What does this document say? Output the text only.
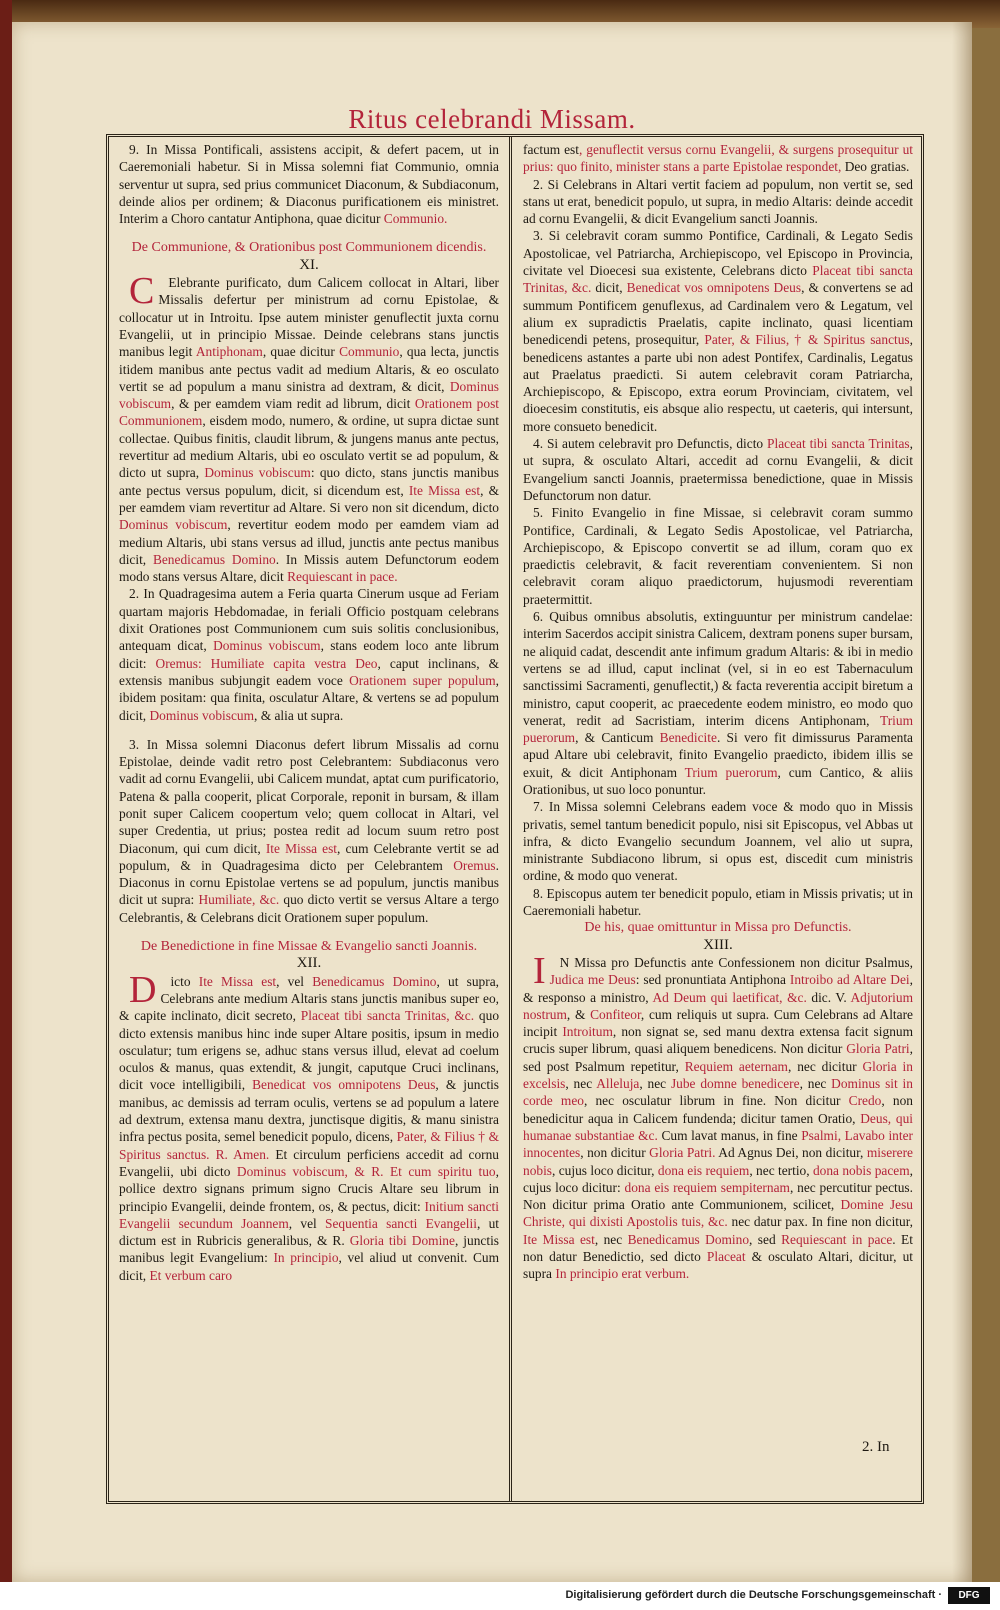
Ritus celebrandi Missam.

9. In Missa Pontificali, assistens accipit, & defert pacem, ut in Caeremoniali habetur. Si in Missa solemni fiat Communio, omnia serventur ut supra, sed prius communicet Diaconum, & Subdiaconum, deinde alios per ordinem; & Diaconus purificationem eis ministret. Interim a Choro cantatur Antiphona, quae dicitur Communio.

De Communione, & Orationibus post Communionem dicendis.

XI.

C Elebrante purificato, dum Calicem collocat in Altari, liber Missalis defertur per ministrum ad cornu Epistolae, & collocatur ut in Introitu. Ipse autem minister genuflectit juxta cornu Evangelii, ut in principio Missae. Deinde celebrans stans junctis manibus legit Antiphonam, quae dicitur Communio, qua lecta, junctis itidem manibus ante pectus vadit ad medium Altaris, & eo osculato vertit se ad populum a manu sinistra ad dextram, & dicit, Dominus vobiscum, & per eamdem viam redit ad librum, dicit Orationem post Communionem, eisdem modo, numero, & ordine, ut supra dictae sunt collectae. Quibus finitis, claudit librum, & jungens manus ante pectus, revertitur ad medium Altaris, ubi eo osculato vertit se ad populum, & dicto ut supra, Dominus vobiscum: quo dicto, stans junctis manibus ante pectus versus populum, dicit, si dicendum est, Ite Missa est, & per eamdem viam revertitur ad Altare. Si vero non sit dicendum, dicto Dominus vobiscum, revertitur eodem modo per eamdem viam ad medium Altaris, ubi stans versus ad illud, junctis ante pectus manibus dicit, Benedicamus Domino. In Missis autem Defunctorum eodem modo stans versus Altare, dicit Requiescant in pace.

2. In Quadragesima autem a Feria quarta Cinerum usque ad Feriam quartam majoris Hebdomadae, in feriali Officio postquam celebrans dixit Orationes post Communionem cum suis solitis conclusionibus, antequam dicat, Dominus vobiscum, stans eodem loco ante librum dicit: Oremus: Humiliate capita vestra Deo, caput inclinans, & extensis manibus subjungit eadem voce Orationem super populum, ibidem positam: qua finita, osculatur Altare, & vertens se ad populum dicit, Dominus vobiscum, & alia ut supra.

3. In Missa solemni Diaconus defert librum Missalis ad cornu Epistolae, deinde vadit retro post Celebrantem: Subdiaconus vero vadit ad cornu Evangelii, ubi Calicem mundat, aptat cum purificatorio, Patena & palla cooperit, plicat Corporale, reponit in bursam, & illam ponit super Calicem coopertum velo; quem collocat in Altari, vel super Credentia, ut prius; postea redit ad locum suum retro post Diaconum, qui cum dicit, Ite Missa est, cum Celebrante vertit se ad populum, & in Quadragesima dicto per Celebrantem Oremus. Diaconus in cornu Epistolae vertens se ad populum, junctis manibus dicit ut supra: Humiliate, &c. quo dicto vertit se versus Altare a tergo Celebrantis, & Celebrans dicit Orationem super populum.

De Benedictione in fine Missae & Evangelio sancti Joannis.

XII.

D icto Ite Missa est, vel Benedicamus Domino, ut supra, Celebrans ante medium Altaris stans junctis manibus super eo, & capite inclinato, dicit secreto, Placeat tibi sancta Trinitas, &c. quo dicto extensis manibus hinc inde super Altare positis, ipsum in medio osculatur; tum erigens se, adhuc stans versus illud, elevat ad coelum oculos & manus, quas extendit, & jungit, caputque Cruci inclinans, dicit voce intelligibili, Benedicat vos omnipotens Deus, & junctis manibus, ac demissis ad terram oculis, vertens se ad populum a latere ad dextrum, extensa manu dextra, junctisque digitis, & manu sinistra infra pectus posita, semel benedicit populo, dicens, Pater, & Filius † & Spiritus sanctus. R. Amen. Et circulum perficiens accedit ad cornu Evangelii, ubi dicto Dominus vobiscum, & R. Et cum spiritu tuo, pollice dextro signans primum signo Crucis Altare seu librum in principio Evangelii, deinde frontem, os, & pectus, dicit: Initium sancti Evangelii secundum Joannem, vel Sequentia sancti Evangelii, ut dictum est in Rubricis generalibus, & R. Gloria tibi Domine, junctis manibus legit Evangelium: In principio, vel aliud ut convenit. Cum dicit, Et verbum caro

factum est, genuflectit versus cornu Evangelii, & surgens prosequitur ut prius: quo finito, minister stans a parte Epistolae respondet, Deo gratias.

2. Si Celebrans in Altari vertit faciem ad populum, non vertit se, sed stans ut erat, benedicit populo, ut supra, in medio Altaris: deinde accedit ad cornu Evangelii, & dicit Evangelium sancti Joannis.

3. Si celebravit coram summo Pontifice, Cardinali, & Legato Sedis Apostolicae, vel Patriarcha, Archiepiscopo, vel Episcopo in Provincia, civitate vel Dioecesi sua existente, Celebrans dicto Placeat tibi sancta Trinitas, &c. dicit, Benedicat vos omnipotens Deus, & convertens se ad summum Pontificem genuflexus, ad Cardinalem vero & Legatum, vel alium ex supradictis Praelatis, capite inclinato, quasi licentiam benedicendi petens, prosequitur, Pater, & Filius, † & Spiritus sanctus, benedicens astantes a parte ubi non adest Pontifex, Cardinalis, Legatus aut Praelatus praedicti. Si autem celebravit coram Patriarcha, Archiepiscopo, & Episcopo, extra eorum Provinciam, civitatem, vel dioecesim constitutis, eis absque alio respectu, ut caeteris, qui intersunt, more consueto benedicit.

4. Si autem celebravit pro Defunctis, dicto Placeat tibi sancta Trinitas, ut supra, & osculato Altari, accedit ad cornu Evangelii, & dicit Evangelium sancti Joannis, praetermissa benedictione, quae in Missis Defunctorum non datur.

5. Finito Evangelio in fine Missae, si celebravit coram summo Pontifice, Cardinali, & Legato Sedis Apostolicae, vel Patriarcha, Archiepiscopo, & Episcopo convertit se ad illum, coram quo ex praedictis celebravit, & facit reverentiam convenientem. Si non celebravit coram aliquo praedictorum, hujusmodi reverentiam praetermittit.

6. Quibus omnibus absolutis, extinguuntur per ministrum candelae: interim Sacerdos accipit sinistra Calicem, dextram ponens super bursam, ne aliquid cadat, descendit ante infimum gradum Altaris: & ibi in medio vertens se ad illud, caput inclinat (vel, si in eo est Tabernaculum sanctissimi Sacramenti, genuflectit,) & facta reverentia accipit biretum a ministro, caput cooperit, ac praecedente eodem ministro, eo modo quo venerat, redit ad Sacristiam, interim dicens Antiphonam, Trium puerorum, & Canticum Benedicite. Si vero fit dimissurus Paramenta apud Altare ubi celebravit, finito Evangelio praedicto, ibidem illis se exuit, & dicit Antiphonam Trium puerorum, cum Cantico, & aliis Orationibus, ut suo loco ponuntur.

7. In Missa solemni Celebrans eadem voce & modo quo in Missis privatis, semel tantum benedicit populo, nisi sit Episcopus, vel Abbas ut infra, & dicto Evangelio secundum Joannem, vel alio ut supra, ministrante Subdiacono librum, si opus est, discedit cum ministris ordine, & modo quo venerat.

8. Episcopus autem ter benedicit populo, etiam in Missis privatis; ut in Caeremoniali habetur.

De his, quae omittuntur in Missa pro Defunctis.

XIII.

I N Missa pro Defunctis ante Confessionem non dicitur Psalmus, Judica me Deus: sed pronuntiata Antiphona Introibo ad Altare Dei, & responso a ministro, Ad Deum qui laetificat, &c. dic. V. Adjutorium nostrum, & Confiteor, cum reliquis ut supra. Cum Celebrans ad Altare incipit Introitum, non signat se, sed manu dextra extensa facit signum crucis super librum, quasi aliquem benedicens. Non dicitur Gloria Patri, sed post Psalmum repetitur, Requiem aeternam, nec dicitur Gloria in excelsis, nec Alleluja, nec Jube domne benedicere, nec Dominus sit in corde meo, nec osculatur librum in fine. Non dicitur Credo, non benedicitur aqua in Calicem fundenda; dicitur tamen Oratio, Deus, qui humanae substantiae &c. Cum lavat manus, in fine Psalmi, Lavabo inter innocentes, non dicitur Gloria Patri. Ad Agnus Dei, non dicitur, miserere nobis, cujus loco dicitur, dona eis requiem, nec tertio, dona nobis pacem, cujus loco dicitur: dona eis requiem sempiternam, nec percutitur pectus. Non dicitur prima Oratio ante Communionem, scilicet, Domine Jesu Christe, qui dixisti Apostolis tuis, &c. nec datur pax. In fine non dicitur, Ite Missa est, nec Benedicamus Domino, sed Requiescant in pace. Et non datur Benedictio, sed dicto Placeat & osculato Altari, dicitur, ut supra In principio erat verbum.

2. In
Digitalisierung gefördert durch die Deutsche Forschungsgemeinschaft ·	DFG
